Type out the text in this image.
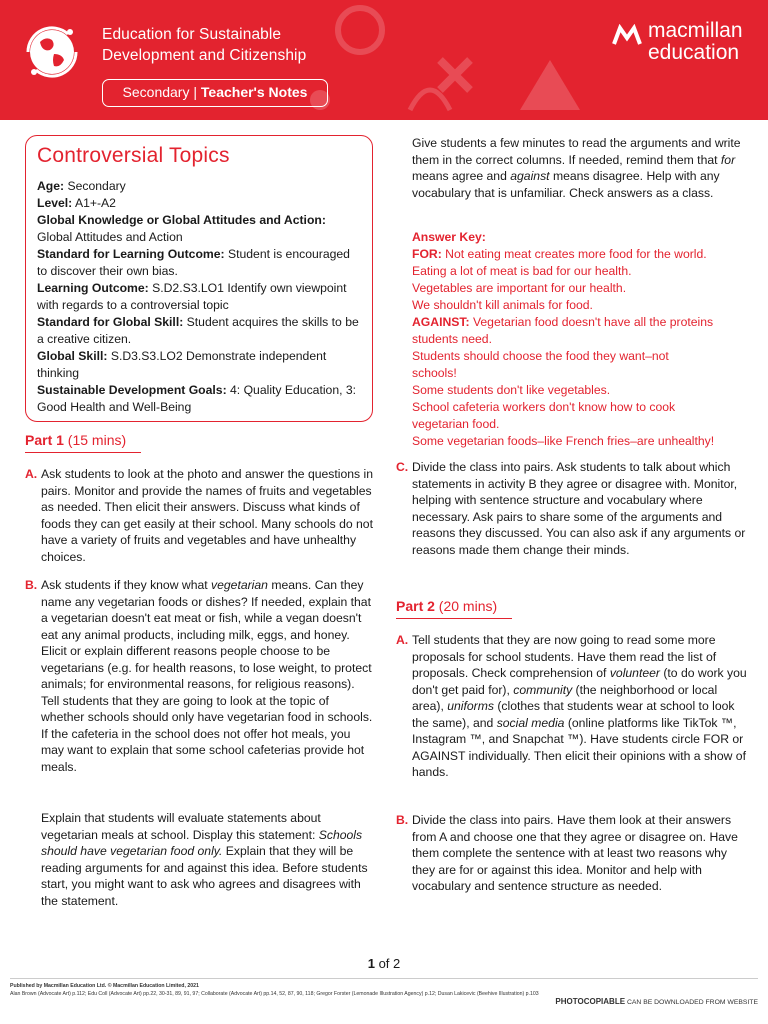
Education for Sustainable
Development and Citizenship
Secondary | Teacher's Notes
macmillan
education
Controversial Topics

Age: Secondary

Level: A1+-A2

Global Knowledge or Global Attitudes and Action: Global Attitudes and Action

Standard for Learning Outcome: Student is encouraged to discover their own bias.

Learning Outcome: S.D2.S3.LO1 Identify own viewpoint with regards to a controversial topic

Standard for Global Skill: Student acquires the skills to be a creative citizen.

Global Skill: S.D3.S3.LO2 Demonstrate independent thinking

Sustainable Development Goals: 4: Quality Education, 3: Good Health and Well-Being

Part 1 (15 mins)
A. Ask students to look at the photo and answer the questions in pairs. Monitor and provide the names of fruits and vegetables as needed. Then elicit their answers. Discuss what kinds of foods they can get easily at their school. Many schools do not have a variety of fruits and vegetables and have unhealthy choices.
B. Ask students if they know what vegetarian means. Can they name any vegetarian foods or dishes? If needed, explain that a vegetarian doesn't eat meat or fish, while a vegan doesn't eat any animal products, including milk, eggs, and honey. Elicit or explain different reasons people choose to be vegetarians (e.g. for health reasons, to lose weight, to protect animals; for environmental reasons, for religious reasons). Tell students that they are going to look at the topic of whether schools should only have vegetarian food in schools. If the cafeteria in the school does not offer hot meals, you may want to explain that some school cafeterias provide hot meals.
Explain that students will evaluate statements about vegetarian meals at school. Display this statement: Schools should have vegetarian food only. Explain that they will be reading arguments for and against this idea. Before students start, you might want to ask who agrees and disagrees with the statement.
Give students a few minutes to read the arguments and write them in the correct columns. If needed, remind them that for means agree and against means disagree. Help with any vocabulary that is unfamiliar. Check answers as a class.
Answer Key:
FOR: Not eating meat creates more food for the world.
Eating a lot of meat is bad for our health.
Vegetables are important for our health.
We shouldn't kill animals for food.
AGAINST: Vegetarian food doesn't have all the proteins students need.
Students should choose the food they want–not schools!
Some students don't like vegetables.
School cafeteria workers don't know how to cook vegetarian food.
Some vegetarian foods–like French fries–are unhealthy!
C. Divide the class into pairs. Ask students to talk about which statements in activity B they agree or disagree with. Monitor, helping with sentence structure and vocabulary where necessary. Ask pairs to share some of the arguments and reasons they discussed. You can also ask if any arguments or reasons made them change their minds.
Part 2 (20 mins)
A. Tell students that they are now going to read some more proposals for school students. Have them read the list of proposals. Check comprehension of volunteer (to do work you don't get paid for), community (the neighborhood or local area), uniforms (clothes that students wear at school to look the same), and social media (online platforms like TikTok ™, Instagram ™, and Snapchat ™). Have students circle FOR or AGAINST individually. Then elicit their opinions with a show of hands.
B. Divide the class into pairs. Have them look at their answers from A and choose one that they agree or disagree on. Have them complete the sentence with at least two reasons why they are for or against this idea. Monitor and help with vocabulary and sentence structure as needed.
1 of 2
Published by Macmillan Education Ltd. © Macmillan Education Limited, 2021
Alan Brown (Advocate Art) p.112; Edu Coll (Advocate Art) pp.22, 30-31, 89, 91, 97; Collaborate (Advocate Art) pp.14, 52, 87, 90, 118; Gregor Forster (Lemonade Illustration Agency) p.12; Dusan Lakicevic (Beehive Illustration) p.103
PHOTOCOPIABLE CAN BE DOWNLOADED FROM WEBSITE
